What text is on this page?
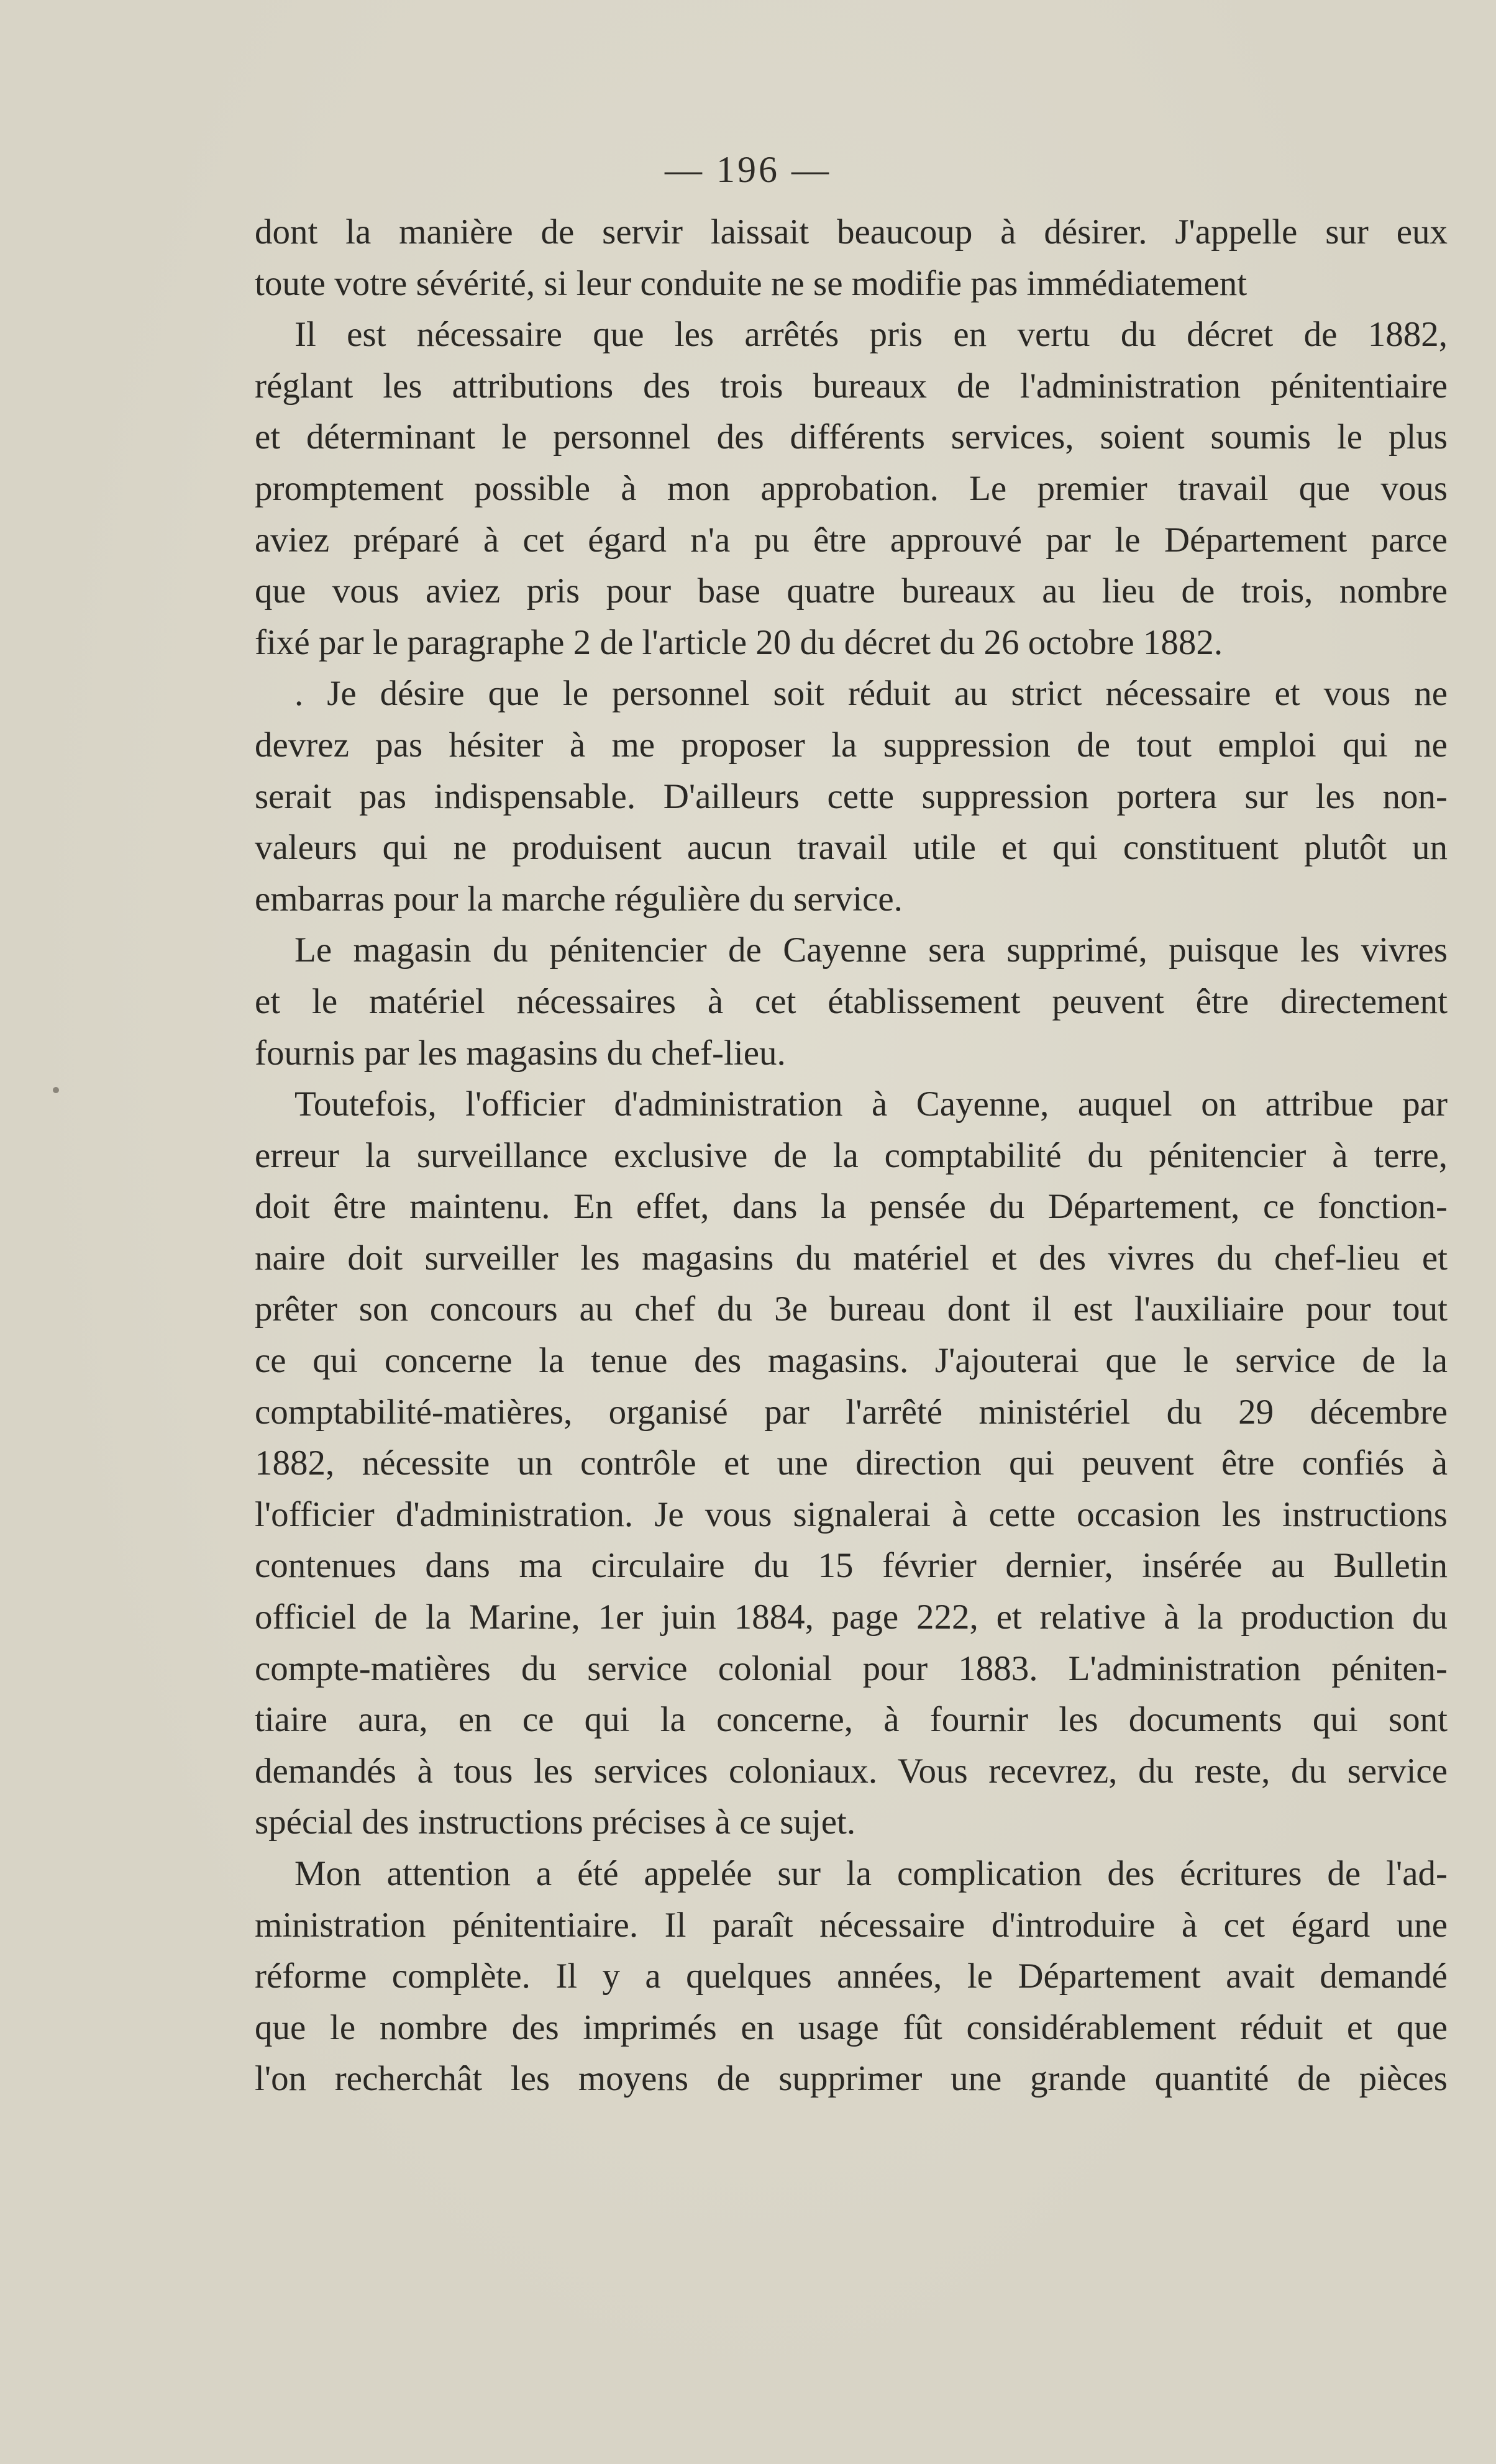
— 196 —
dont la manière de servir laissait beaucoup à désirer. J'appelle sur eux
toute votre sévérité, si leur conduite ne se modifie pas immédiatement
Il est nécessaire que les arrêtés pris en vertu du décret de 1882,
réglant les attributions des trois bureaux de l'administration pénitentiaire
et déterminant le personnel des différents services, soient soumis le plus
promptement possible à mon approbation. Le premier travail que vous
aviez préparé à cet égard n'a pu être approuvé par le Département parce
que vous aviez pris pour base quatre bureaux au lieu de trois, nombre
fixé par le paragraphe 2 de l'article 20 du décret du 26 octobre 1882.
. Je désire que le personnel soit réduit au strict nécessaire et vous ne
devrez pas hésiter à me proposer la suppression de tout emploi qui ne
serait pas indispensable. D'ailleurs cette suppression portera sur les non-
valeurs qui ne produisent aucun travail utile et qui constituent plutôt un
embarras pour la marche régulière du service.
Le magasin du pénitencier de Cayenne sera supprimé, puisque les vivres
et le matériel nécessaires à cet établissement peuvent être directement
fournis par les magasins du chef-lieu.
Toutefois, l'officier d'administration à Cayenne, auquel on attribue par
erreur la surveillance exclusive de la comptabilité du pénitencier à terre,
doit être maintenu. En effet, dans la pensée du Département, ce fonction-
naire doit surveiller les magasins du matériel et des vivres du chef-lieu et
prêter son concours au chef du 3e bureau dont il est l'auxiliaire pour tout
ce qui concerne la tenue des magasins. J'ajouterai que le service de la
comptabilité-matières, organisé par l'arrêté ministériel du 29 décembre
1882, nécessite un contrôle et une direction qui peuvent être confiés à
l'officier d'administration. Je vous signalerai à cette occasion les instructions
contenues dans ma circulaire du 15 février dernier, insérée au Bulletin
officiel de la Marine, 1er juin 1884, page 222, et relative à la production du
compte-matières du service colonial pour 1883. L'administration péniten-
tiaire aura, en ce qui la concerne, à fournir les documents qui sont
demandés à tous les services coloniaux. Vous recevrez, du reste, du service
spécial des instructions précises à ce sujet.
Mon attention a été appelée sur la complication des écritures de l'ad-
ministration pénitentiaire. Il paraît nécessaire d'introduire à cet égard une
réforme complète. Il y a quelques années, le Département avait demandé
que le nombre des imprimés en usage fût considérablement réduit et que
l'on recherchât les moyens de supprimer une grande quantité de pièces
